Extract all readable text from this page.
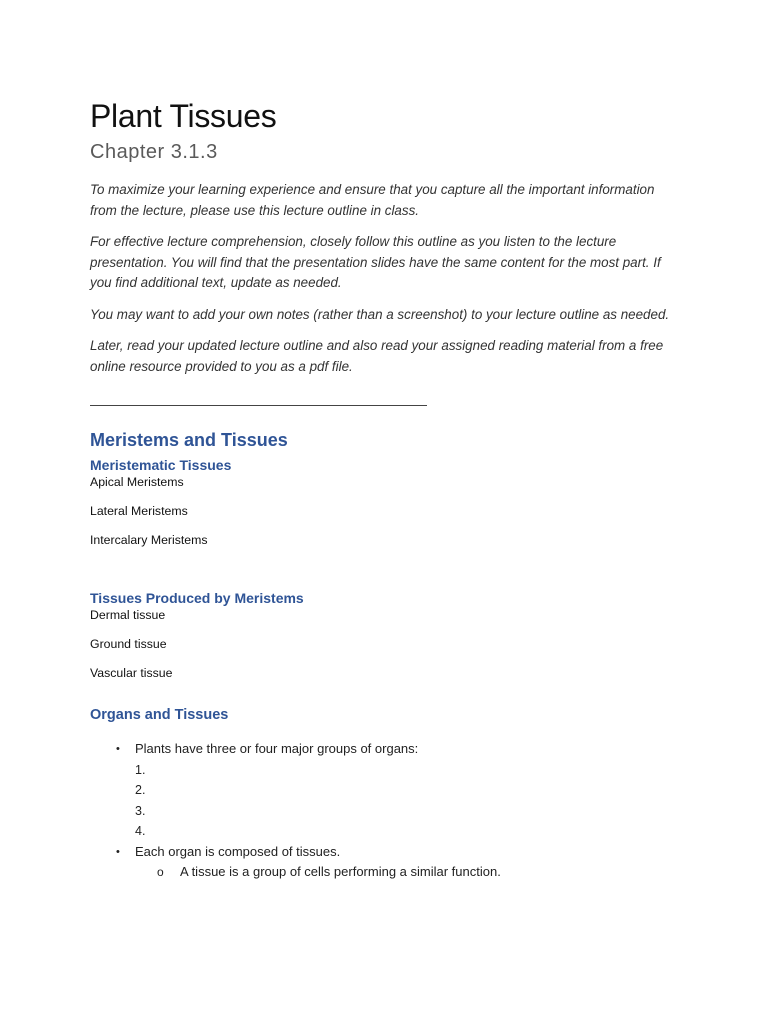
Plant Tissues
Chapter 3.1.3

To maximize your learning experience and ensure that you capture all the important information from the lecture, please use this lecture outline in class.

For effective lecture comprehension, closely follow this outline as you listen to the lecture presentation. You will find that the presentation slides have the same content for the most part. If you find additional text, update as needed.

You may want to add your own notes (rather than a screenshot) to your lecture outline as needed.

Later, read your updated lecture outline and also read your assigned reading material from a free online resource provided to you as a pdf file.

Meristems and Tissues
Meristematic Tissues
Apical Meristems
Lateral Meristems
Intercalary Meristems
Tissues Produced by Meristems
Dermal tissue
Ground tissue
Vascular tissue
Organs and Tissues
• Plants have three or four major groups of organs:
1.
2.
3.
4.
• Each organ is composed of tissues.
o A tissue is a group of cells performing a similar function.
